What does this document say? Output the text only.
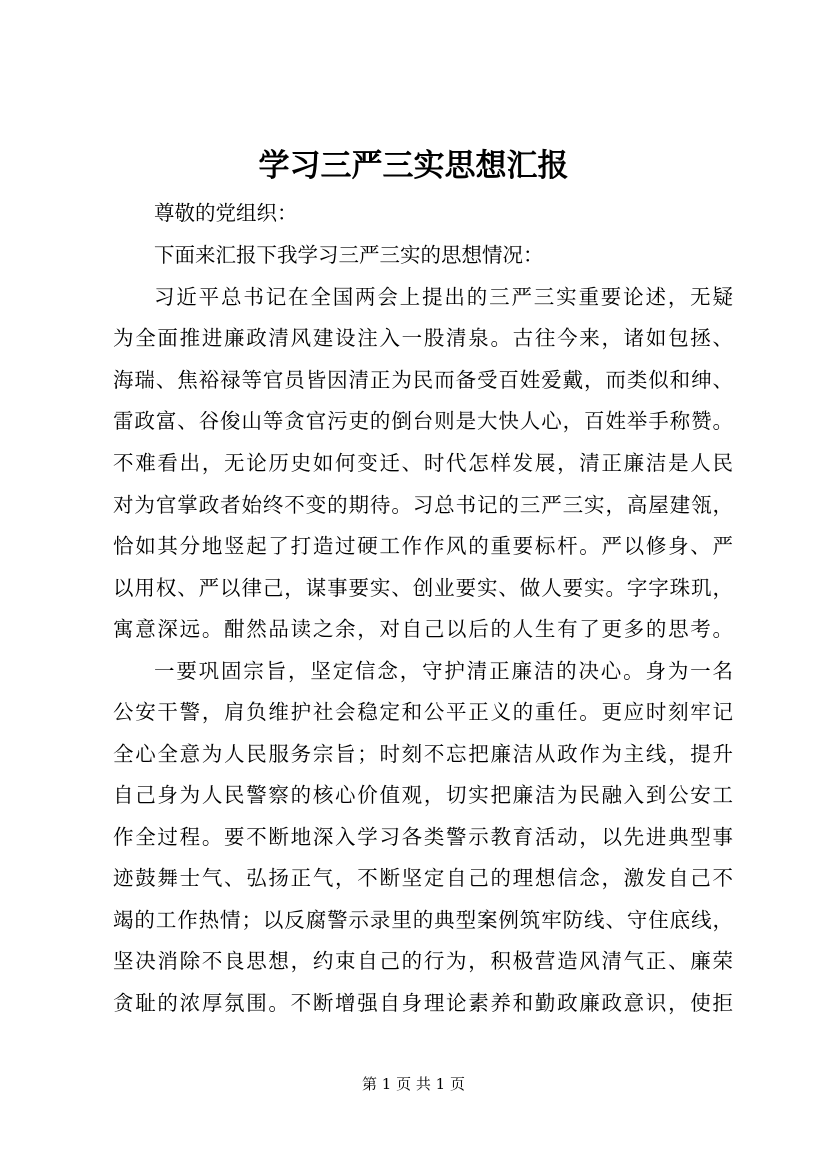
学习三严三实思想汇报

尊敬的党组织：

下面来汇报下我学习三严三实的思想情况：

习近平总书记在全国两会上提出的三严三实重要论述，无疑

为全面推进廉政清风建设注入一股清泉。古往今来，诸如包拯、

海瑞、焦裕禄等官员皆因清正为民而备受百姓爱戴，而类似和绅、

雷政富、谷俊山等贪官污吏的倒台则是大快人心，百姓举手称赞。

不难看出，无论历史如何变迁、时代怎样发展，清正廉洁是人民

对为官掌政者始终不变的期待。习总书记的三严三实，高屋建瓴，

恰如其分地竖起了打造过硬工作作风的重要标杆。严以修身、严

以用权、严以律己，谋事要实、创业要实、做人要实。字字珠玑，

寓意深远。酣然品读之余，对自己以后的人生有了更多的思考。

一要巩固宗旨，坚定信念，守护清正廉洁的决心。身为一名

公安干警，肩负维护社会稳定和公平正义的重任。更应时刻牢记

全心全意为人民服务宗旨；时刻不忘把廉洁从政作为主线，提升

自己身为人民警察的核心价值观，切实把廉洁为民融入到公安工

作全过程。要不断地深入学习各类警示教育活动，以先进典型事

迹鼓舞士气、弘扬正气，不断坚定自己的理想信念，激发自己不

竭的工作热情；以反腐警示录里的典型案例筑牢防线、守住底线，

坚决消除不良思想，约束自己的行为，积极营造风清气正、廉荣

贪耻的浓厚氛围。不断增强自身理论素养和勤政廉政意识，使拒

第 1 页 共 1 页
